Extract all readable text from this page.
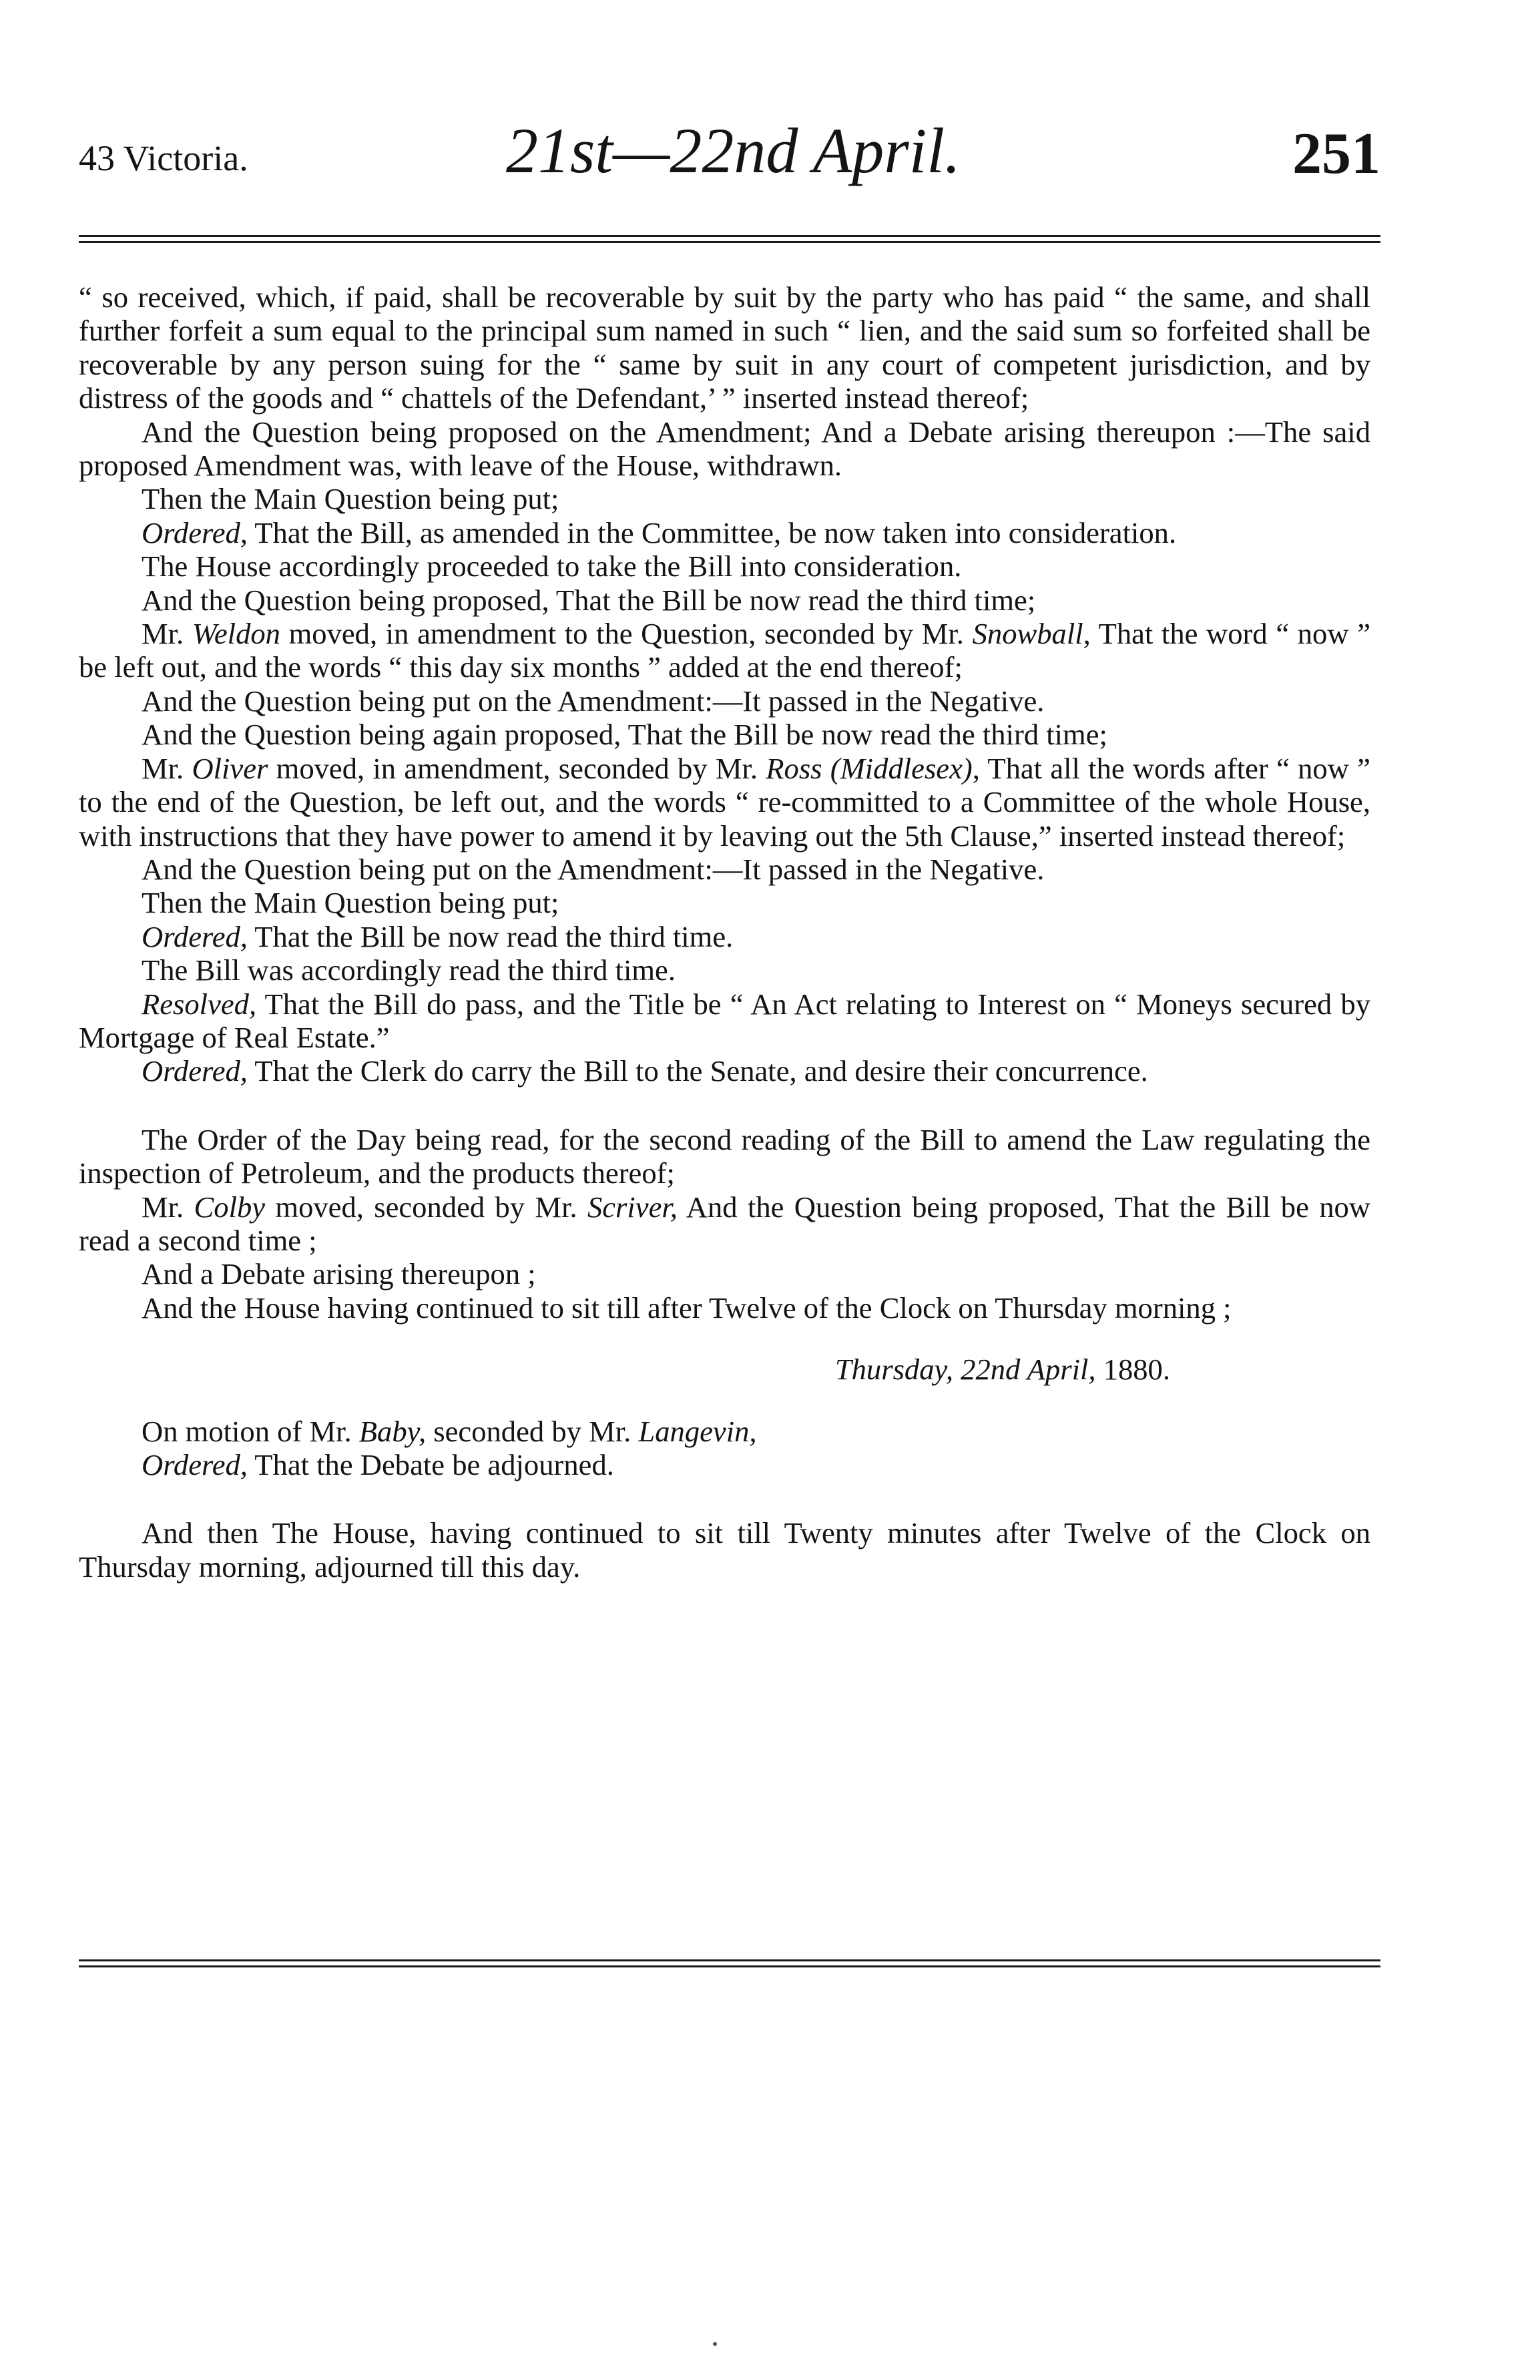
43 Victoria.	21st—22nd April.	251

“ so received, which, if paid, shall be recoverable by suit by the party who has paid “ the same, and shall further forfeit a sum equal to the principal sum named in such “ lien, and the said sum so forfeited shall be recoverable by any person suing for the “ same by suit in any court of competent jurisdiction, and by distress of the goods and “ chattels of the Defendant,’ ” inserted instead thereof;

And the Question being proposed on the Amendment; And a Debate arising thereupon :—The said proposed Amendment was, with leave of the House, withdrawn.

Then the Main Question being put;

Ordered, That the Bill, as amended in the Committee, be now taken into consideration.

The House accordingly proceeded to take the Bill into consideration.

And the Question being proposed, That the Bill be now read the third time;

Mr. Weldon moved, in amendment to the Question, seconded by Mr. Snowball, That the word “ now ” be left out, and the words “ this day six months ” added at the end thereof;

And the Question being put on the Amendment:—It passed in the Negative.

And the Question being again proposed, That the Bill be now read the third time;

Mr. Oliver moved, in amendment, seconded by Mr. Ross (Middlesex), That all the words after “ now ” to the end of the Question, be left out, and the words “ re-committed to a Committee of the whole House, with instructions that they have power to amend it by leaving out the 5th Clause,” inserted instead thereof;

And the Question being put on the Amendment:—It passed in the Negative.

Then the Main Question being put;

Ordered, That the Bill be now read the third time.

The Bill was accordingly read the third time.

Resolved, That the Bill do pass, and the Title be “ An Act relating to Interest on “ Moneys secured by Mortgage of Real Estate.”

Ordered, That the Clerk do carry the Bill to the Senate, and desire their concurrence.

The Order of the Day being read, for the second reading of the Bill to amend the Law regulating the inspection of Petroleum, and the products thereof;

Mr. Colby moved, seconded by Mr. Scriver, And the Question being proposed, That the Bill be now read a second time ;

And a Debate arising thereupon ;

And the House having continued to sit till after Twelve of the Clock on Thursday morning ;

Thursday, 22nd April, 1880.

On motion of Mr. Baby, seconded by Mr. Langevin,

Ordered, That the Debate be adjourned.

And then The House, having continued to sit till Twenty minutes after Twelve of the Clock on Thursday morning, adjourned till this day.
